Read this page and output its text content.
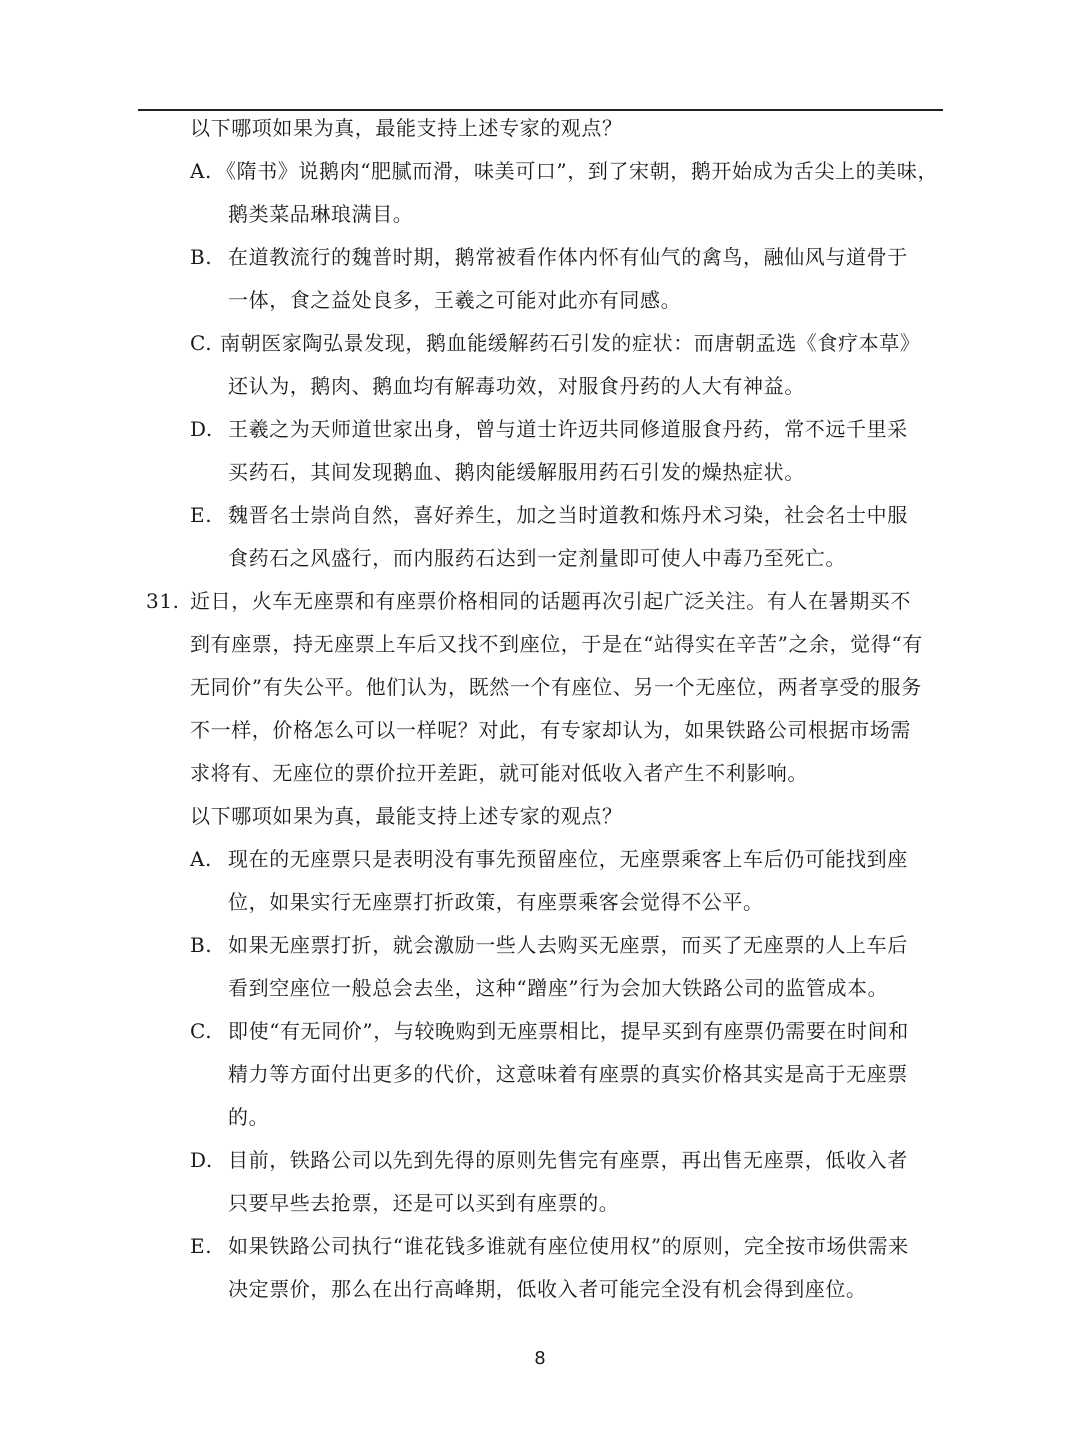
以下哪项如果为真，最能支持上述专家的观点？
A. 《隋书》说鹅肉“肥腻而滑，味美可口”，到了宋朝，鹅开始成为舌尖上的美味，
鹅类菜品琳琅满目。
B. 在道教流行的魏普时期，鹅常被看作体内怀有仙气的禽鸟，融仙风与道骨于
一体，食之益处良多，王羲之可能对此亦有同感。
C. 南朝医家陶弘景发现，鹅血能缓解药石引发的症状：而唐朝孟选《食疗本草》
还认为，鹅肉、鹅血均有解毒功效，对服食丹药的人大有神益。
D. 王羲之为天师道世家出身，曾与道士许迈共同修道服食丹药，常不远千里采
买药石，其间发现鹅血、鹅肉能缓解服用药石引发的燥热症状。
E. 魏晋名士崇尚自然，喜好养生，加之当时道教和炼丹术习染，社会名士中服
食药石之风盛行，而内服药石达到一定剂量即可使人中毒乃至死亡。
31. 近日，火车无座票和有座票价格相同的话题再次引起广泛关注。有人在暑期买不
到有座票，持无座票上车后又找不到座位，于是在“站得实在辛苦”之余，觉得“有
无同价”有失公平。他们认为，既然一个有座位、另一个无座位，两者享受的服务
不一样，价格怎么可以一样呢？对此，有专家却认为，如果铁路公司根据市场需
求将有、无座位的票价拉开差距，就可能对低收入者产生不利影响。
以下哪项如果为真，最能支持上述专家的观点？
A. 现在的无座票只是表明没有事先预留座位，无座票乘客上车后仍可能找到座
位，如果实行无座票打折政策，有座票乘客会觉得不公平。
B. 如果无座票打折，就会激励一些人去购买无座票，而买了无座票的人上车后
看到空座位一般总会去坐，这种“蹭座”行为会加大铁路公司的监管成本。
C. 即使“有无同价”，与较晚购到无座票相比，提早买到有座票仍需要在时间和
精力等方面付出更多的代价，这意味着有座票的真实价格其实是高于无座票
的。
D. 目前，铁路公司以先到先得的原则先售完有座票，再出售无座票，低收入者
只要早些去抢票，还是可以买到有座票的。
E. 如果铁路公司执行“谁花钱多谁就有座位使用权”的原则，完全按市场供需来
决定票价，那么在出行高峰期，低收入者可能完全没有机会得到座位。
8
